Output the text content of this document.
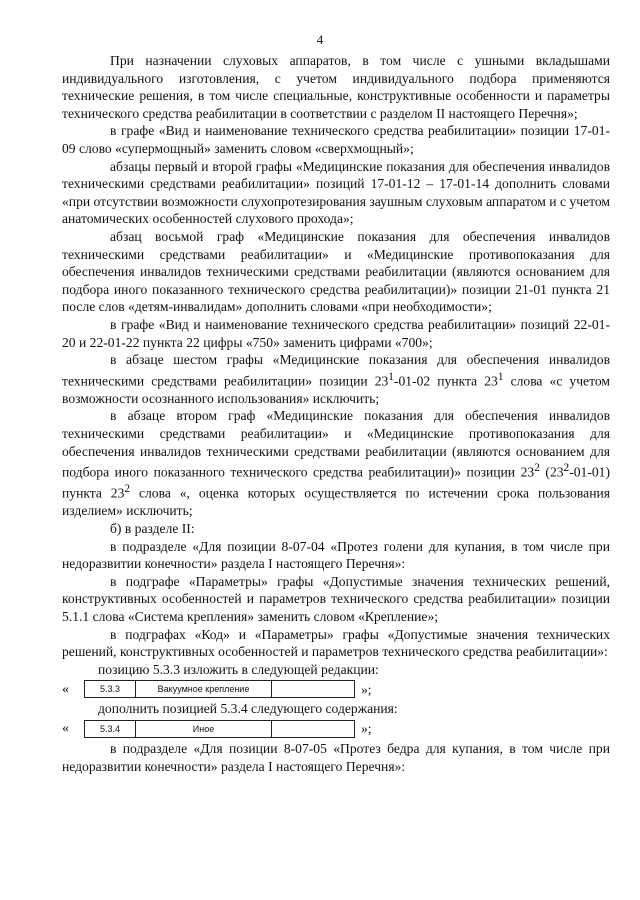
4

При назначении слуховых аппаратов, в том числе с ушными вкладышами индивидуального изготовления, с учетом индивидуального подбора применяются технические решения, в том числе специальные, конструктивные особенности и параметры технического средства реабилитации в соответствии с разделом II настоящего Перечня»;

в графе «Вид и наименование технического средства реабилитации» позиции 17-01-09 слово «супермощный» заменить словом «сверхмощный»;

абзацы первый и второй графы «Медицинские показания для обеспечения инвалидов техническими средствами реабилитации» позиций 17-01-12 – 17-01-14 дополнить словами «при отсутствии возможности слухопротезирования заушным слуховым аппаратом и с учетом анатомических особенностей слухового прохода»;

абзац восьмой граф «Медицинские показания для обеспечения инвалидов техническими средствами реабилитации» и «Медицинские противопоказания для обеспечения инвалидов техническими средствами реабилитации (являются основанием для подбора иного показанного технического средства реабилитации)» позиции 21-01 пункта 21 после слов «детям-инвалидам» дополнить словами «при необходимости»;

в графе «Вид и наименование технического средства реабилитации» позиций 22-01-20 и 22-01-22 пункта 22 цифры «750» заменить цифрами «700»;

в абзаце шестом графы «Медицинские показания для обеспечения инвалидов техническими средствами реабилитации» позиции $23^1-01-02$ пункта $23^1$ слова «с учетом возможности осознанного использования» исключить;

в абзаце втором граф «Медицинские показания для обеспечения инвалидов техническими средствами реабилитации» и «Медицинские противопоказания для обеспечения инвалидов техническими средствами реабилитации (являются основанием для подбора иного показанного технического средства реабилитации)» позиции $23^2$ $(23^2-01-01)$ пункта $23^2$ слова «, оценка которых осуществляется по истечении срока пользования изделием» исключить;

б) в разделе II:

в подразделе «Для позиции 8-07-04 «Протез голени для купания, в том числе при недоразвитии конечности» раздела I настоящего Перечня»:

в подграфе «Параметры» графы «Допустимые значения технических решений, конструктивных особенностей и параметров технического средства реабилитации» позиции 5.1.1 слова «Система крепления» заменить словом «Крепление»;

в подграфах «Код» и «Параметры» графы «Допустимые значения технических решений, конструктивных особенностей и параметров технического средства реабилитации»:

позицию 5.3.3 изложить в следующей редакции:

«	5.3.3	Вакуумное крепление	»;

дополнить позицией 5.3.4 следующего содержания:

«	5.3.4	Иное	»;

в подразделе «Для позиции 8-07-05 «Протез бедра для купания, в том числе при недоразвитии конечности» раздела I настоящего Перечня»:
